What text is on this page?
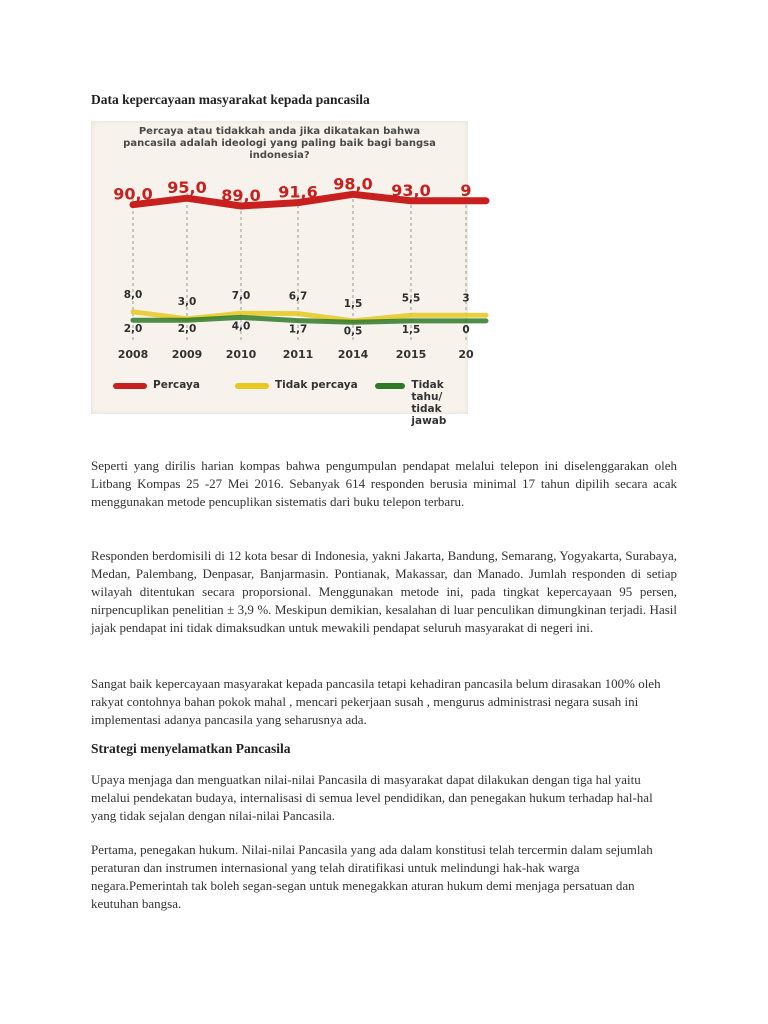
Data kepercayaan masyarakat kepada pancasila
Percaya atau tidakkah anda jika dikatakan bahwa
pancasila adalah ideologi yang paling baik bagi bangsa
indonesia?
90,0 95,0 89,0 91,6 98,0 93,0 9
8,0
3,0	7,0	6,7
1,5	5,5	3
2,0	2,0	4,0	1,7	0,5	1,5	0
2008 2009 2010 2011 2014 2015	20
Percaya	Tidak percaya	Tidak tahu/
tidak jawab

Seperti yang dirilis harian kompas bahwa pengumpulan pendapat melalui telepon ini diselenggarakan oleh Litbang Kompas 25 -27 Mei 2016. Sebanyak 614 responden berusia minimal 17 tahun dipilih secara acak menggunakan metode pencuplikan sistematis dari buku telepon terbaru.

Responden berdomisili di 12 kota besar di Indonesia, yakni Jakarta, Bandung, Semarang, Yogyakarta, Surabaya, Medan, Palembang, Denpasar, Banjarmasin. Pontianak, Makassar, dan Manado. Jumlah responden di setiap wilayah ditentukan secara proporsional. Menggunakan metode ini, pada tingkat kepercayaan 95 persen, nirpencuplikan penelitian ± 3,9 %. Meskipun demikian, kesalahan di luar penculikan dimungkinan terjadi. Hasil jajak pendapat ini tidak dimaksudkan untuk mewakili pendapat seluruh masyarakat di negeri ini.

Sangat baik kepercayaan masyarakat kepada pancasila tetapi kehadiran pancasila belum dirasakan 100% oleh rakyat contohnya bahan pokok mahal , mencari pekerjaan susah , mengurus administrasi negara susah ini implementasi adanya pancasila yang seharusnya ada.

Strategi menyelamatkan Pancasila

Upaya menjaga dan menguatkan nilai-nilai Pancasila di masyarakat dapat dilakukan dengan tiga hal yaitu melalui pendekatan budaya, internalisasi di semua level pendidikan, dan penegakan hukum terhadap hal-hal yang tidak sejalan dengan nilai-nilai Pancasila.

Pertama, penegakan hukum. Nilai-nilai Pancasila yang ada dalam konstitusi telah tercermin dalam sejumlah peraturan dan instrumen internasional yang telah diratifikasi untuk melindungi hak-hak warga negara.Pemerintah tak boleh segan-segan untuk menegakkan aturan hukum demi menjaga persatuan dan keutuhan bangsa.
